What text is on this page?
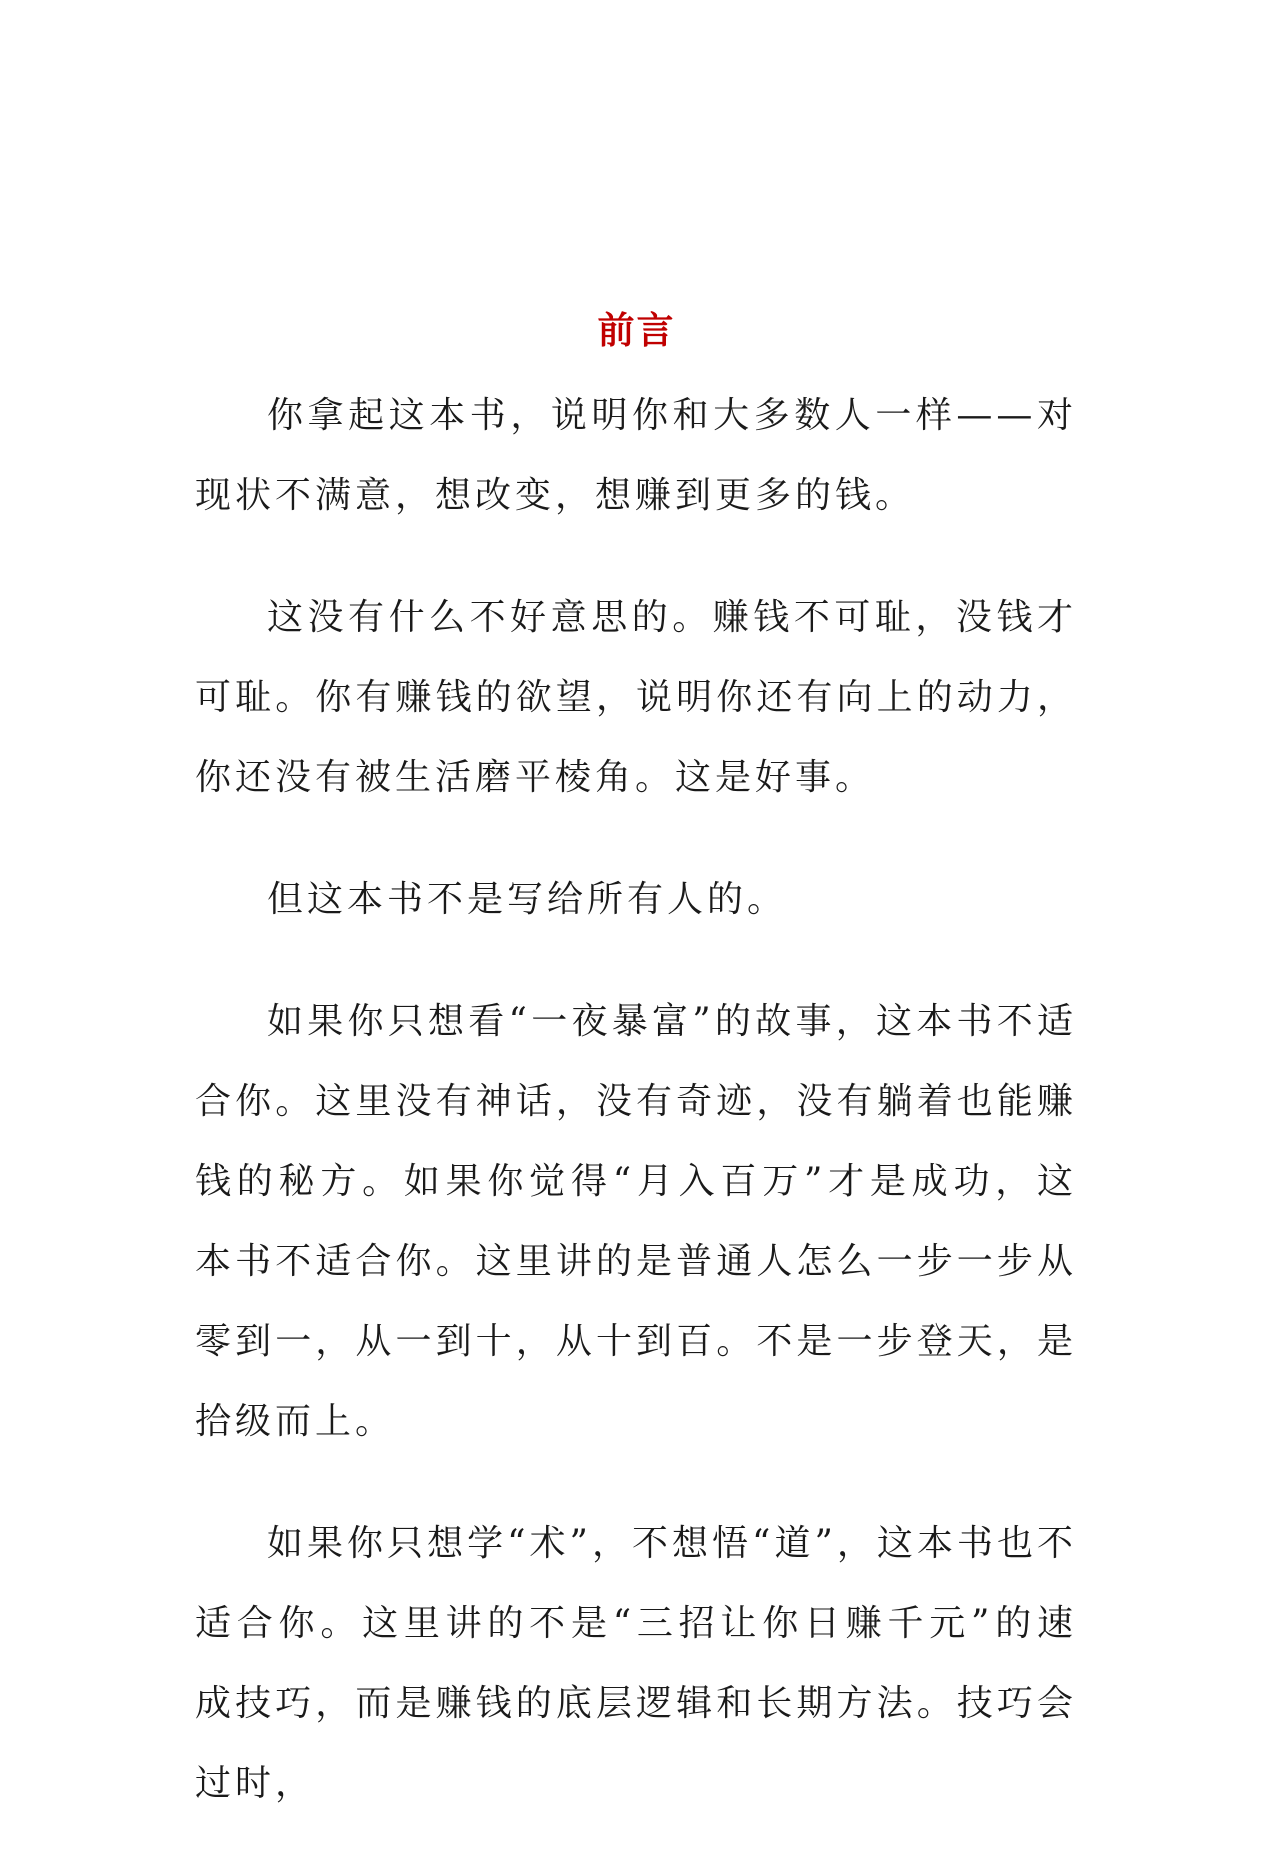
前言

你拿起这本书，说明你和大多数人一样——对现状不满意，想改变，想赚到更多的钱。

这没有什么不好意思的。赚钱不可耻，没钱才可耻。你有赚钱的欲望，说明你还有向上的动力，你还没有被生活磨平棱角。这是好事。

但这本书不是写给所有人的。

如果你只想看“一夜暴富”的故事，这本书不适合你。这里没有神话，没有奇迹，没有躺着也能赚钱的秘方。如果你觉得“月入百万”才是成功，这本书不适合你。这里讲的是普通人怎么一步一步从零到一，从一到十，从十到百。不是一步登天，是拾级而上。

如果你只想学“术”，不想悟“道”，这本书也不适合你。这里讲的不是“三招让你日赚千元”的速成技巧，而是赚钱的底层逻辑和长期方法。技巧会过时，
